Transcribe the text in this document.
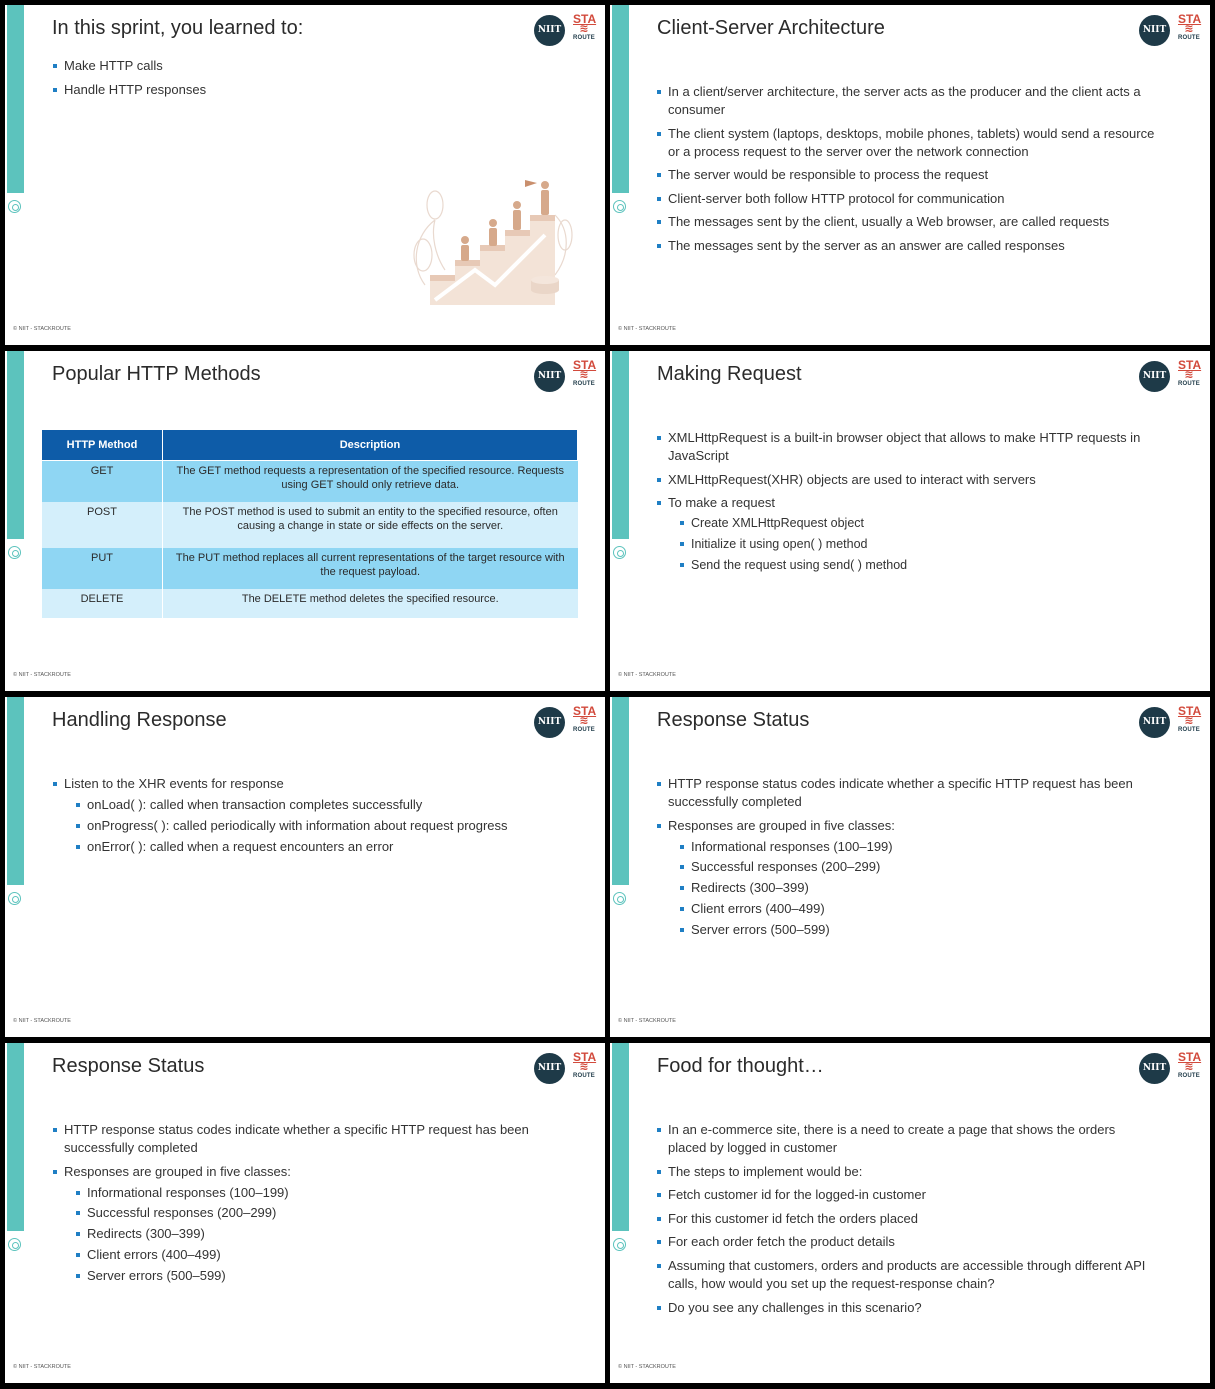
In this sprint, you learned to:	NIIT
STA
≋
ROUTE
Make HTTP calls
Handle HTTP responses
© NIIT - STACKROUTE
Client-Server Architecture	NIIT
STA
≋
ROUTE
In a client/server architecture, the server acts as the producer and the client acts a consumer
The client system (laptops, desktops, mobile phones, tablets) would send a resource or a process request to the server over the network connection
The server would be responsible to process the request
Client-server both follow HTTP protocol for communication
The messages sent by the client, usually a Web browser, are called requests
The messages sent by the server as an answer are called responses
© NIIT - STACKROUTE
Popular HTTP Methods	NIIT
STA
≋
ROUTE
HTTP Method	Description
GET	The GET method requests a representation of the specified resource. Requests using GET should only retrieve data.
POST	The POST method is used to submit an entity to the specified resource, often causing a change in state or side effects on the server.
PUT	The PUT method replaces all current representations of the target resource with the request payload.
DELETE	The DELETE method deletes the specified resource.
© NIIT - STACKROUTE
Making Request	NIIT
STA
≋
ROUTE
XMLHttpRequest is a built-in browser object that allows to make HTTP requests in JavaScript
XMLHttpRequest(XHR) objects are used to interact with servers
To make a request
Create XMLHttpRequest object
Initialize it using open( ) method
Send the request using send( ) method
© NIIT - STACKROUTE
Handling Response	NIIT
STA
≋
ROUTE
Listen to the XHR events for response
onLoad( ): called when transaction completes successfully
onProgress( ): called periodically with information about request progress
onError( ): called when a request encounters an error
© NIIT - STACKROUTE
Response Status	NIIT
STA
≋
ROUTE
HTTP response status codes indicate whether a specific HTTP request has been successfully completed
Responses are grouped in five classes:
Informational responses (100–199)
Successful responses (200–299)
Redirects (300–399)
Client errors (400–499)
Server errors (500–599)
© NIIT - STACKROUTE
Response Status	NIIT
STA
≋
ROUTE
HTTP response status codes indicate whether a specific HTTP request has been successfully completed
Responses are grouped in five classes:
Informational responses (100–199)
Successful responses (200–299)
Redirects (300–399)
Client errors (400–499)
Server errors (500–599)
© NIIT - STACKROUTE
Food for thought…	NIIT
STA
≋
ROUTE
In an e-commerce site, there is a need to create a page that shows the orders placed by logged in customer
The steps to implement would be:
Fetch customer id for the logged-in customer
For this customer id fetch the orders placed
For each order fetch the product details
Assuming that customers, orders and products are accessible through different API calls, how would you set up the request-response chain?
Do you see any challenges in this scenario?
© NIIT - STACKROUTE
